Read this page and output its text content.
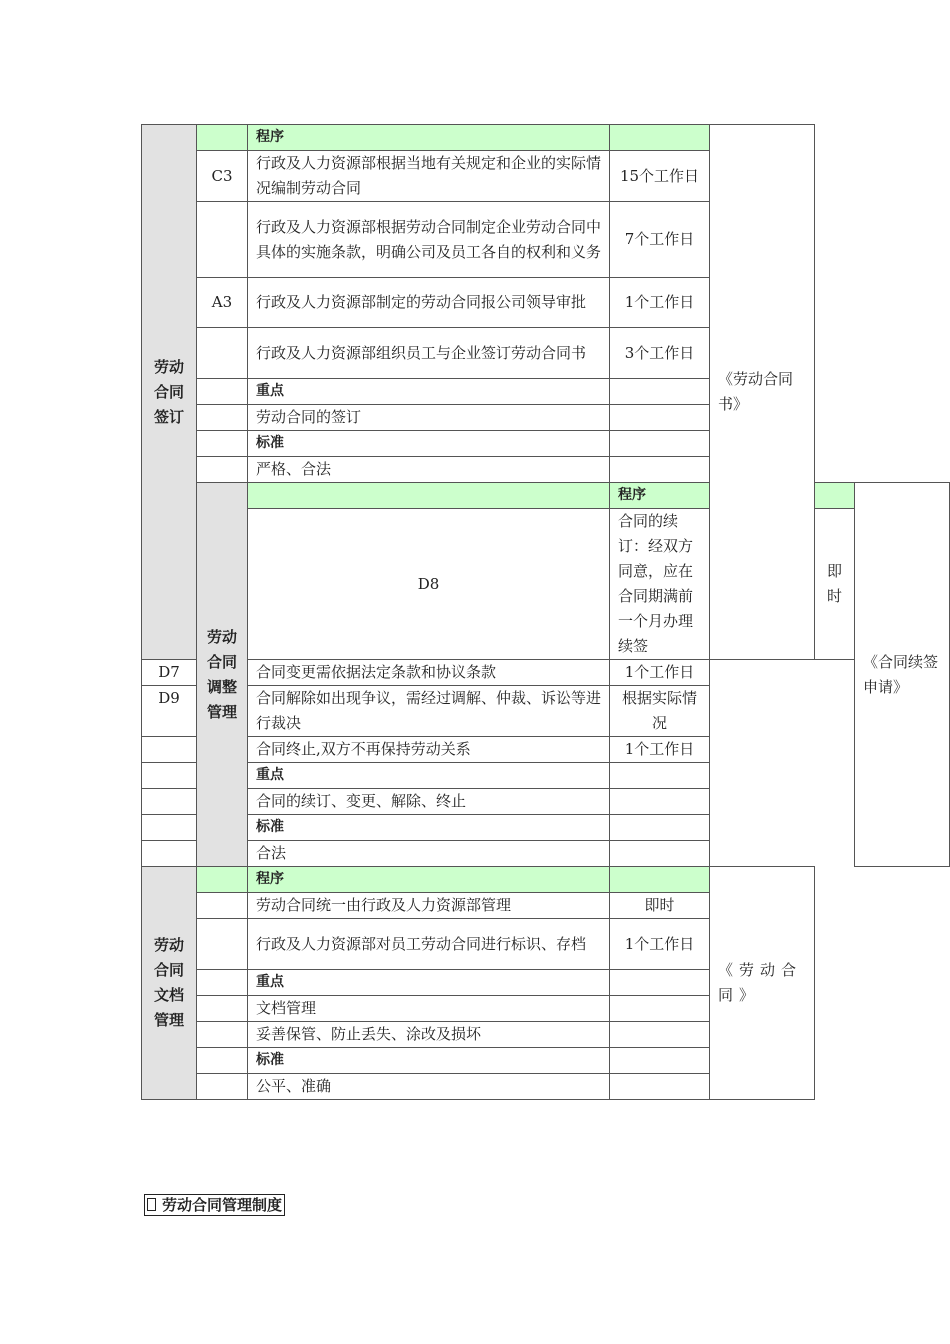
劳动合同签订		程序		《劳动合同书》		
	C3	行政及人力资源部根据当地有关规定和企业的实际情况编制劳动合同	15个工作日			
		行政及人力资源部根据劳动合同制定企业劳动合同中具体的实施条款，明确公司及员工各自的权利和义务	7个工作日			
	A3	行政及人力资源部制定的劳动合同报公司领导审批	1个工作日			
		行政及人力资源部组织员工与企业签订劳动合同书	3个工作日			
		重点				
		劳动合同的签订				
		标准				
		严格、合法				
	劳动合同调整管理		程序			《合同续签申请》
		D8	合同的续订：经双方同意，应在合同期满前一个月办理续签		即时	
D7		合同变更需依据法定条款和协议条款	1个工作日			
D9		合同解除如出现争议，需经过调解、仲裁、诉讼等进行裁决	根据实际情况			
		合同终止,双方不再保持劳动关系	1个工作日			
		重点				
		合同的续订、变更、解除、终止				
		标准				
		合法				
劳动合同文档管理		程序		《劳动合同》		
		劳动合同统一由行政及人力资源部管理	即时			
		行政及人力资源部对员工劳动合同进行标识、存档	1个工作日			
		重点				
		文档管理				
		妥善保管、防止丢失、涂改及损坏				
		标准				
		公平、准确				
劳动合同管理制度
